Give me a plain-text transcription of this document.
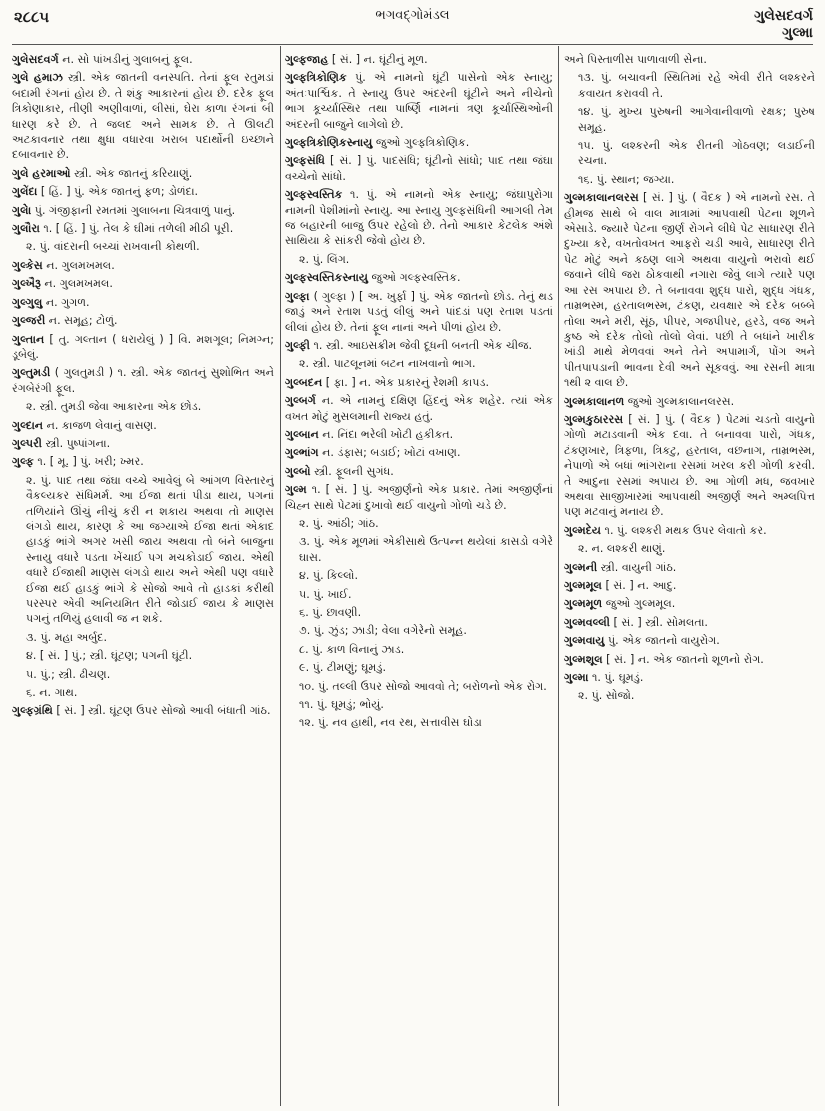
૨૮૮૫	ભગવદ્ગોમંડલ	ગુલેસદવર્ગ
ગુલ્મા
ગુલેસદવર્ગ ન. સો પાંખડીનું ગુલાબનું ફૂલ.
ગુલે હમાઝ સ્ત્રી. એક જાતની વનસ્પતિ. તેનાં ફૂલ રતુમડાં બદામી રંગનાં હોય છે. તે શંકુ આકારનાં હોય છે. દરેક ફૂલ ત્રિકોણાકાર, તીણી અણીવાળાં, લીસાં, ઘેરા કાળા રંગનાં બી ધારણ કરે છે. તે જલદ અને સામક છે. તે ઊલટી અટકાવનાર તથા ક્ષુધા વધારવા ખરાબ પદાર્થોની ઇચ્છાને દબાવનાર છે.
ગુલે હરમાઓ સ્ત્રી. એક જાતનું કરિયાણું.
ગુલેંદા [ હિં. ] પું. એક જાતનું ફળ; ડોળંદા.
ગુલેાે પું. ગંજીફાની રમતમાં ગુલાબના ચિત્રવાળું પાનું.
ગુલૌરા ૧. [ હિં. ] પું. તેલ કે ઘીમાં તળેલી મીઠી પૂરી.
૨. પું. વાંદરાની બચ્ચાં રાખવાની કોથળી.
ગુલ્કેસ ન. ગુલમખમલ.
ગુલ્ખૈરૂ ન. ગુલમખમલ.
ગુલ્ગુલુ ન. ગુગળ.
ગુલ્જરી ન. સમૂહ; ટોળું.
ગુલ્તાન [ તુ. ગલ્તાન ( ધરાયેલું ) ] વિ. મશગૂલ; નિમગ્ન; ડૂબેલું.
ગુલ્તુમડી ( ગુલતુમડી ) ૧. સ્ત્રી. એક જાતનું સુશોભિત અને રંગબેરંગી ફૂલ.
૨. સ્ત્રી. તુમડી જેવા આકારના એક છોડ.
ગુલ્દાન ન. કાજળ લેવાનું વાસણ.
ગુલ્પરી સ્ત્રી. પુષ્પાંગના.
ગુલ્ફ ૧. [ મૂ. ] પું. ખરી; ખ્મર.
૨. પું. પાદ તથા જંઘા વચ્ચે આવેલું બે આંગળ વિસ્તારનું વૈકલ્યકર સંધિમર્મ. આ ઈજા થતાં પીડા થાય, પગનાં તળિયાંને ઊંચું નીચું કરી ન શકાય અથવા તો માણસ લંગડો થાય, કારણ કે આ જગ્યાએ ઈજા થતાં એકાદ હાડકું ભાંગે અગર ખસી જાય અથવા તો બંને બાજુના સ્નાયુ વધારે પડતા ખેંચાઈ પગ મચકોડાઈ જાય. એથી વધારે ઈજાથી માણસ લંગડો થાય અને એથી પણ વધારે ઈજા થઈ હાડકું ભાંગે કે સોજો આવે તો હાડકાં કરીથી પરસ્પર એવી અનિયમિત રીતે જોડાઈ જાય કે માણસ પગનું તળિયું હલાવી જ ન શકે.
૩. પું. મહા અર્બુદ.
૪. [ સં. ] પું.; સ્ત્રી. ઘૂંટણ; પગની ઘૂંટી.
૫. પું.; સ્ત્રી. ઢીચણ.
૬. ન. ગાથ.
ગુલ્ફગ્રંથિ [ સં. ] સ્ત્રી. ઘૂંટણ ઉપર સોજો આવી બંધાતી ગાંઠ.
ગુલ્ફજાહ [ સં. ] ન. ઘૂંટીનું મૂળ.
ગુલ્ફત્રિકોણિક પું. એ નામનો ઘૂંટી પાસેનો એક સ્નાયુ; અંતઃપાર્શ્વિક. તે સ્નાયુ ઉપર અંદરની ઘૂંટીને અને નીચેનો ભાગ કૂર્ચ્યાસ્થિર તથા પાર્ષ્ણિ નામનાં ત્રણ કૂર્ચાસ્થિઓની અંદરની બાજુને લાગેલો છે.
ગુલ્ફત્રિકોણિકસ્નાયુ જુઓ ગુલ્ફત્રિકોણિક.
ગુલ્ફસંધિ [ સં. ] પું. પાદસંધિ; ઘૂંટીનો સાંધો; પાદ તથા જંઘા વચ્ચેનો સાંધો.
ગુલ્ફસ્વસ્તિક ૧. પું. એ નામનો એક સ્નાયુ; જંઘાપુરોગા નામની પેશીમાંનો સ્નાયુ. આ સ્નાયુ ગુલ્ફસંધિની આગલી તેમ જ બહારની બાજુ ઉપર રહેલો છે. તેનો આકાર કેટલેક અંશે સાથિયા કે સાંકરી જેવો હોય છે.
૨. પું. લિંગ.
ગુલ્ફસ્વસ્તિકસ્નાયુ જુઓ ગલ્ફસ્વસ્તિક.
ગુલ્ફા ( ગુલ્ફા ) [ અ. ખુર્ફા ] પું. એક જાતનો છોડ. તેનું થડ જાડું અને રતાશ પડતું લીલું અને પાંદડાં પણ રતાશ પડતાં લીલાં હોય છે. તેનાં ફૂલ નાનાં અને પીળાં હોય છે.
ગુલ્ફી ૧. સ્ત્રી. આઇસક્રીમ જેવી દૂધની બનતી એક ચીજ.
૨. સ્ત્રી. પાટલૂનમાં બટન નાખવાનો ભાગ.
ગુલ્બદન [ ફા. ] ન. એક પ્રકારનું રેશમી કાપડ.
ગુલ્બર્ગ ન. એ નામનું દક્ષિણ હિંદનું એક શહેર. ત્યાં એક વખત મોટું મુસલમાની રાજ્ય હતું.
ગુલ્બાન ન. નિંદા ભરેલી ખોટી હકીકત.
ગુલ્ભાંગ ન. ડંફાસ; બડાઈ; ખોટાં વખાણ.
ગુલ્બો સ્ત્રી. ફૂલની સુગંધ.
ગુલ્મ ૧. [ સં. ] પું. અજીર્ણનો એક પ્રકાર. તેમાં અજીર્ણનાં ચિહ્ન સાથે પેટમાં દુખાવો થઈ વાયુનો ગોળો ચડે છે.
૨. પું. આંઠી; ગાંઠ.
૩. પું. એક મૂળમાં એકીસાથે ઉત્પન્ન થયેલાં કાસડો વગેરે ઘાસ.
૪. પું. કિલ્લો.
૫. પું. ખાઈ.
૬. પું. છાવણી.
૭. પું. ઝુંડ; ઝાડી; વેલા વગેરેનો સમૂહ.
૮. પું. કાળ વિનાનું ઝાડ.
૯. પું. ટીમણું; ઘૂમડું.
૧૦. પું. તલ્લી ઉપર સોજો આવવો તે; બરોળનો એક રોગ.
૧૧. પું. ઘૂમડું; ભોયું.
૧૨. પું. નવ હાથી, નવ રથ, સત્તાવીસ ઘોડા
અને પિસ્તાળીસ પાળાવાળી સેના.
૧૩. પું. બચાવની સ્થિતિમાં રહે એવી રીતે લશ્કરને કવાયત કરાવવી તે.
૧૪. પું. મુખ્ય પુરુષની આગેવાનીવાળો રક્ષક; પુરુષ સમૂહ.
૧૫. પું. લશ્કરની એક રીતની ગોઠવણ; લડાઈની રચના.
૧૬. પું. સ્થાન; જગ્યા.
ગુલ્મકાલાનલરસ [ સં. ] પું. ( વૈદક ) એ નામનો રસ. તે હીમજ સાથે બે વાલ માત્રામાં આપવાથી પેટના શૂળને એસાડે. જ્યારે પેટના જીર્ણ રોગને લીધે પેટ સાધારણ રીતે દુખ્યા કરે, વખતોવખત આફરો ચડી આવે, સાધારણ રીતે પેટ મોટું અને કઠણ લાગે અથવા વાયુનો ભરાવો થઈ જવાને લીધે જરા ઠોકવાથી નગારા જેવું લાગે ત્યારે પણ આ રસ અપાય છે. તે બનાવવા શુદ્ધ પારો, શુદ્ધ ગંધક, તામ્રભસ્મ, હરતાલભસ્મ, ટંકણ, યવક્ષાર એ દરેક બબ્બે તોલા અને મરી, સૂંઠ, પીપર, ગજપીપર, હરડે, વજ અને કુષ્ઠ એ દરેક તોલો તોલો લેવાં. પછી તે બધાંને ખારીક ખાંડી માથે મેળવવાં અને તેને અપામાર્ગ, પોંગ અને પીતપાપડાની ભાવના દેવી અને સૂકવવું. આ રસની માત્રા ૧થી ૨ વાલ છે.
ગુલ્મકાલાનળ જુઓ ગુલ્મકાલાનલરસ.
ગુલ્મકુઠારરસ [ સં. ] પું. ( વૈદક ) પેટમાં ચડતો વાયુનો ગોળો મટાડવાની એક દવા. તે બનાવવા પારો, ગંધક, ટંકણખાર, ત્રિફળા, ત્રિકટુ, હરતાલ, વછનાગ, તામ્રભસ્મ, નેપાળો એ બધાં ભાંગરાના રસમાં ખરલ કરી ગોળી કરવી. તે આદુના રસમાં અપાય છે. આ ગોળી મધ, જવખાર અથવા સાજીખારમાં આપવાથી અજીર્ણ અને અમ્લપિત્ત પણ મટવાનું મનાય છે.
ગુલ્મદેય ૧. પું. લશ્કરી મથક ઉપર લેવાતો કર.
૨. ન. લશ્કરી થાણું.
ગુલ્મની સ્ત્રી. વાયુની ગાંઠ.
ગુલ્મમૂલ [ સં. ] ન. આદુ.
ગુલ્મમૂળ જુઓ ગુલ્મમૂલ.
ગુલ્મવલ્લી [ સં. ] સ્ત્રી. સોમલતા.
ગુલ્મવાયુ પું. એક જાતનો વાયુરોગ.
ગુલ્મશૂલ [ સં. ] ન. એક જાતનો શૂળનો રોગ.
ગુલ્મા ૧. પું. ઘૂમડું.
૨. પું. સોજો.
